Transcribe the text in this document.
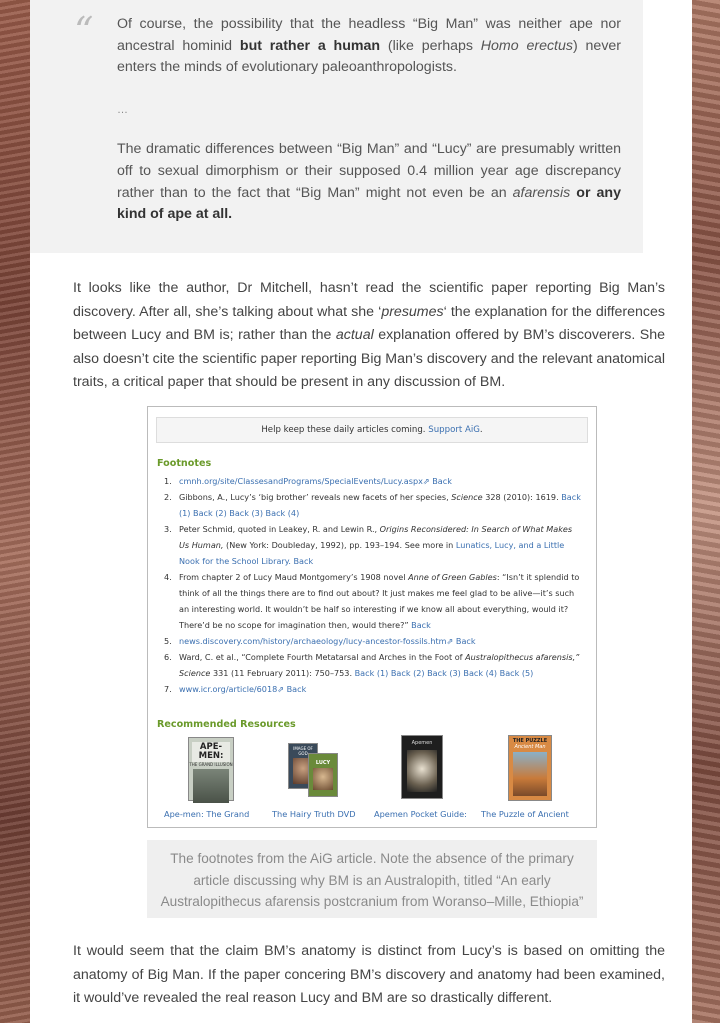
“ Of course, the possibility that the headless “Big Man” was neither ape nor ancestral hominid but rather a human (like perhaps Homo erectus) never enters the minds of evolutionary paleoanthropologists.

…

The dramatic differences between “Big Man” and “Lucy” are presumably written off to sexual dimorphism or their supposed 0.4 million year age discrepancy rather than to the fact that “Big Man” might not even be an afarensis or any kind of ape at all.

It looks like the author, Dr Mitchell, hasn’t read the scientific paper reporting Big Man’s discovery. After all, she’s talking about what she ‘presumes‘ the explanation for the differences between Lucy and BM is; rather than the actual explanation offered by BM’s discoverers. She also doesn’t cite the scientific paper reporting Big Man’s discovery and the relevant anatomical traits, a critical paper that should be present in any discussion of BM.

Help keep these daily articles coming. Support AiG.
Footnotes
1. cmnh.org/site/ClassesandPrograms/SpecialEvents/Lucy.aspx⇗ Back
2. Gibbons, A., Lucy’s ‘big brother’ reveals new facets of her species, Science 328 (2010): 1619. Back (1) Back (2) Back (3) Back (4)
3. Peter Schmid, quoted in Leakey, R. and Lewin R., Origins Reconsidered: In Search of What Makes Us Human, (New York: Doubleday, 1992), pp. 193–194. See more in Lunatics, Lucy, and a Little Nook for the School Library. Back
4. From chapter 2 of Lucy Maud Montgomery’s 1908 novel Anne of Green Gables: “Isn’t it splendid to think of all the things there are to find out about? It just makes me feel glad to be alive—it’s such an interesting world. It wouldn’t be half so interesting if we know all about everything, would it? There’d be no scope for imagination then, would there?” Back
5. news.discovery.com/history/archaeology/lucy-ancestor-fossils.htm⇗ Back
6. Ward, C. et al., “Complete Fourth Metatarsal and Arches in the Foot of Australopithecus afarensis,” Science 331 (11 February 2011): 750–753. Back (1) Back (2) Back (3) Back (4) Back (5)
7. www.icr.org/article/6018⇗ Back
Recommended Resources
APE-MEN:
THE GRAND ILLUSION
IMAGE OF GOD
LUCY
Apemen	THE PUZZLE
Ancient Man
Ape-men: The Grand	The Hairy Truth DVD Apemen Pocket Guide: The Puzzle of Ancient
The footnotes from the AiG article. Note the absence of the primary article discussing why BM is an Australopith, titled “An early Australopithecus afarensis postcranium from Woranso–Mille, Ethiopia”

It would seem that the claim BM’s anatomy is distinct from Lucy’s is based on omitting the anatomy of Big Man. If the paper concering BM’s discovery and anatomy had been examined, it would’ve revealed the real reason Lucy and BM are so drastically different.
